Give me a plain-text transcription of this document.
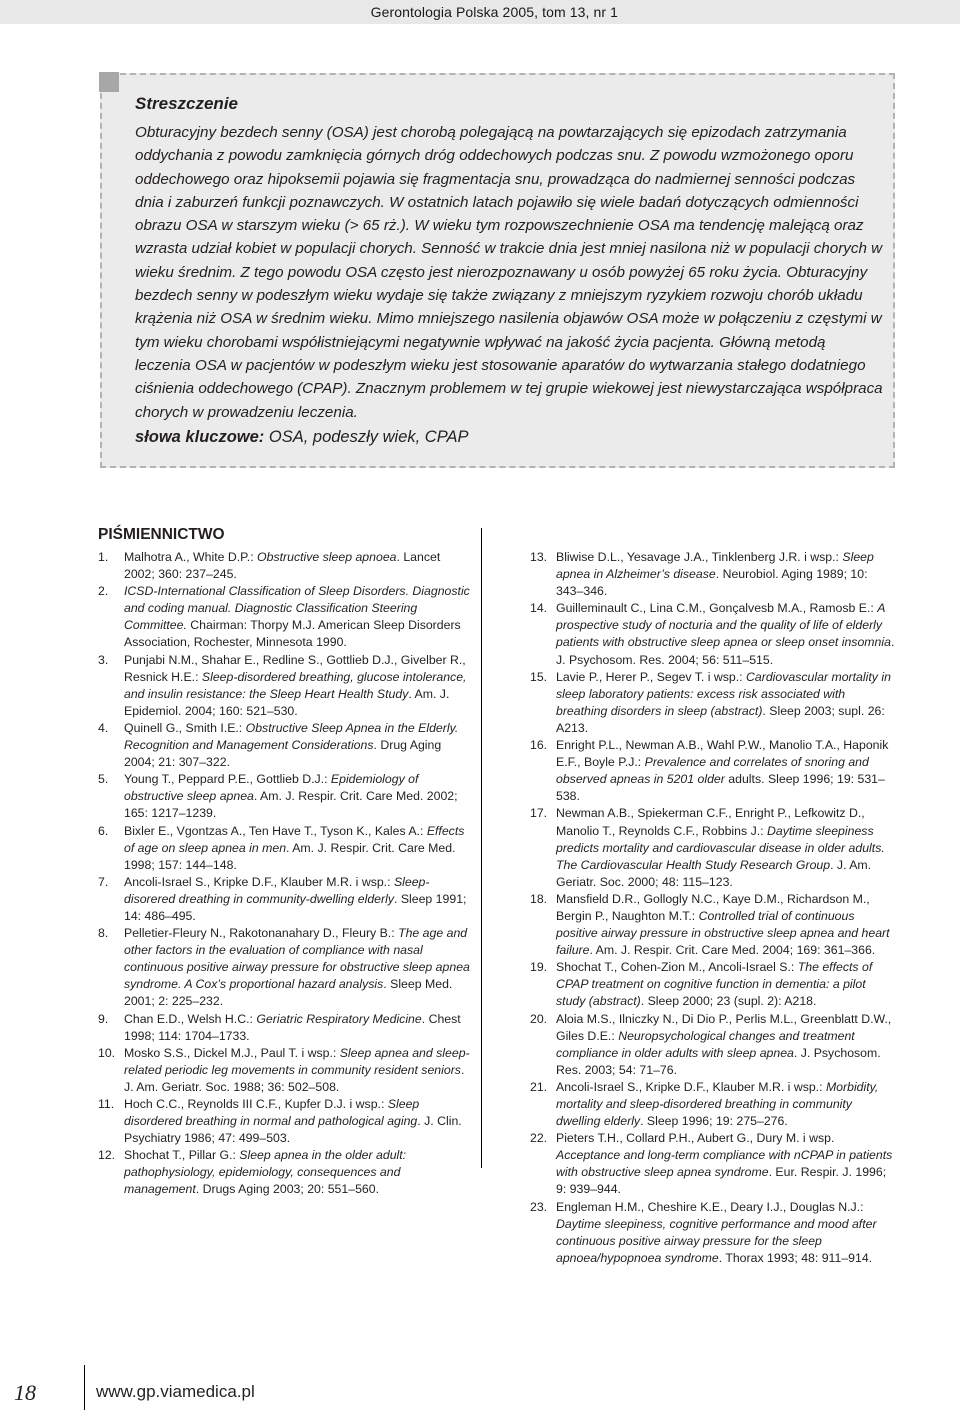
Gerontologia Polska 2005, tom 13, nr 1
Streszczenie

Obturacyjny bezdech senny (OSA) jest chorobą polegającą na powtarzających się epizodach zatrzymania oddychania z powodu zamknięcia górnych dróg oddechowych podczas snu. Z powodu wzmożonego oporu oddechowego oraz hipoksemii pojawia się fragmentacja snu, prowadząca do nadmiernej senności podczas dnia i zaburzeń funkcji poznawczych. W ostatnich latach pojawiło się wiele badań dotyczących odmienności obrazu OSA w starszym wieku (> 65 rż.). W wieku tym rozpowszechnienie OSA ma tendencję malejącą oraz wzrasta udział kobiet w populacji chorych. Senność w trakcie dnia jest mniej nasilona niż w populacji chorych w wieku średnim. Z tego powodu OSA często jest nierozpoznawany u osób powyżej 65 roku życia. Obturacyjny bezdech senny w podeszłym wieku wydaje się także związany z mniejszym ryzykiem rozwoju chorób układu krążenia niż OSA w średnim wieku. Mimo mniejszego nasilenia objawów OSA może w połączeniu z częstymi w tym wieku chorobami współistniejącymi negatywnie wpływać na jakość życia pacjenta. Główną metodą leczenia OSA w pacjentów w podeszłym wieku jest stosowanie aparatów do wytwarzania stałego dodatniego ciśnienia oddechowego (CPAP). Znacznym problemem w tej grupie wiekowej jest niewystarczająca współpraca chorych w prowadzeniu leczenia.

słowa kluczowe: OSA, podeszły wiek, CPAP
PIŚMIENNICTWO
1.	Malhotra A., White D.P.: Obstructive sleep apnoea. Lancet 2002; 360: 237–245.
2.	ICSD-International Classification of Sleep Disorders. Diagnostic and coding manual. Diagnostic Classification Steering Committee. Chairman: Thorpy M.J. American Sleep Disorders Association, Rochester, Minnesota 1990.
3.	Punjabi N.M., Shahar E., Redline S., Gottlieb D.J., Givelber R., Resnick H.E.: Sleep-disordered breathing, glucose intolerance, and insulin resistance: the Sleep Heart Health Study. Am. J. Epidemiol. 2004; 160: 521–530.
4.	Quinell G., Smith I.E.: Obstructive Sleep Apnea in the Elderly. Recognition and Management Considerations. Drug Aging 2004; 21: 307–322.
5.	Young T., Peppard P.E., Gottlieb D.J.: Epidemiology of obstructive sleep apnea. Am. J. Respir. Crit. Care Med. 2002; 165: 1217–1239.
6.	Bixler E., Vgontzas A., Ten Have T., Tyson K., Kales A.: Effects of age on sleep apnea in men. Am. J. Respir. Crit. Care Med. 1998; 157: 144–148.
7.	Ancoli-Israel S., Kripke D.F., Klauber M.R. i wsp.: Sleep-disorered dreathing in community-dwelling elderly. Sleep 1991; 14: 486–495.
8.	Pelletier-Fleury N., Rakotonanahary D., Fleury B.: The age and other factors in the evaluation of compliance with nasal continuous positive airway pressure for obstructive sleep apnea syndrome. A Cox’s proportional hazard analysis. Sleep Med. 2001; 2: 225–232.
9.	Chan E.D., Welsh H.C.: Geriatric Respiratory Medicine. Chest 1998; 114: 1704–1733.
10. Mosko S.S., Dickel M.J., Paul T. i wsp.: Sleep apnea and sleep-related periodic leg movements in community resident seniors. J. Am. Geriatr. Soc. 1988; 36: 502–508.
11. Hoch C.C., Reynolds III C.F., Kupfer D.J. i wsp.: Sleep disordered breathing in normal and pathological aging. J. Clin. Psychiatry 1986; 47: 499–503.
12. Shochat T., Pillar G.: Sleep apnea in the older adult: pathophysiology, epidemiology, consequences and management. Drugs Aging 2003; 20: 551–560.
13. Bliwise D.L., Yesavage J.A., Tinklenberg J.R. i wsp.: Sleep apnea in Alzheimer’s disease. Neurobiol. Aging 1989; 10: 343–346.
14. Guilleminault C., Lina C.M., Gonçalvesb M.A., Ramosb E.: A prospective study of nocturia and the quality of life of elderly patients with obstructive sleep apnea or sleep onset insomnia. J. Psychosom. Res. 2004; 56: 511–515.
15. Lavie P., Herer P., Segev T. i wsp.: Cardiovascular mortality in sleep laboratory patients: excess risk associated with breathing disorders in sleep (abstract). Sleep 2003; supl. 26: A213.
16. Enright P.L., Newman A.B., Wahl P.W., Manolio T.A., Haponik E.F., Boyle P.J.: Prevalence and correlates of snoring and observed apneas in 5201 older adults. Sleep 1996; 19: 531–538.
17. Newman A.B., Spiekerman C.F., Enright P., Lefkowitz D., Manolio T., Reynolds C.F., Robbins J.: Daytime sleepiness predicts mortality and cardiovascular disease in older adults. The Cardiovascular Health Study Research Group. J. Am. Geriatr. Soc. 2000; 48: 115–123.
18. Mansfield D.R., Gollogly N.C., Kaye D.M., Richardson M., Bergin P., Naughton M.T.: Controlled trial of continuous positive airway pressure in obstructive sleep apnea and heart failure. Am. J. Respir. Crit. Care Med. 2004; 169: 361–366.
19. Shochat T., Cohen-Zion M., Ancoli-Israel S.: The effects of CPAP treatment on cognitive function in dementia: a pilot study (abstract). Sleep 2000; 23 (supl. 2): A218.
20. Aloia M.S., Ilniczky N., Di Dio P., Perlis M.L., Greenblatt D.W., Giles D.E.: Neuropsychological changes and treatment compliance in older adults with sleep apnea. J. Psychosom. Res. 2003; 54: 71–76.
21. Ancoli-Israel S., Kripke D.F., Klauber M.R. i wsp.: Morbidity, mortality and sleep-disordered breathing in community dwelling elderly. Sleep 1996; 19: 275–276.
22. Pieters T.H., Collard P.H., Aubert G., Dury M. i wsp. Acceptance and long-term compliance with nCPAP in patients with obstructive sleep apnea syndrome. Eur. Respir. J. 1996; 9: 939–944.
23. Engleman H.M., Cheshire K.E., Deary I.J., Douglas N.J.: Daytime sleepiness, cognitive performance and mood after continuous positive airway pressure for the sleep apnoea/hypopnoea syndrome. Thorax 1993; 48: 911–914.
18	www.gp.viamedica.pl
